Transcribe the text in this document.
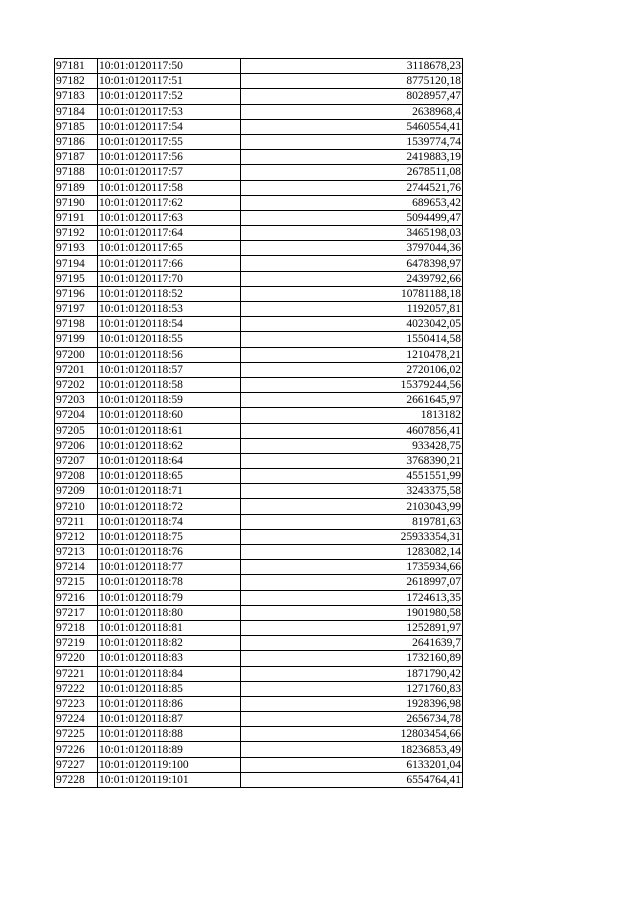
97181	10:01:0120117:50	3118678,23
97182	10:01:0120117:51	8775120,18
97183	10:01:0120117:52	8028957,47
97184	10:01:0120117:53	2638968,4
97185	10:01:0120117:54	5460554,41
97186	10:01:0120117:55	1539774,74
97187	10:01:0120117:56	2419883,19
97188	10:01:0120117:57	2678511,08
97189	10:01:0120117:58	2744521,76
97190	10:01:0120117:62	689653,42
97191	10:01:0120117:63	5094499,47
97192	10:01:0120117:64	3465198,03
97193	10:01:0120117:65	3797044,36
97194	10:01:0120117:66	6478398,97
97195	10:01:0120117:70	2439792,66
97196	10:01:0120118:52	10781188,18
97197	10:01:0120118:53	1192057,81
97198	10:01:0120118:54	4023042,05
97199	10:01:0120118:55	1550414,58
97200	10:01:0120118:56	1210478,21
97201	10:01:0120118:57	2720106,02
97202	10:01:0120118:58	15379244,56
97203	10:01:0120118:59	2661645,97
97204	10:01:0120118:60	1813182
97205	10:01:0120118:61	4607856,41
97206	10:01:0120118:62	933428,75
97207	10:01:0120118:64	3768390,21
97208	10:01:0120118:65	4551551,99
97209	10:01:0120118:71	3243375,58
97210	10:01:0120118:72	2103043,99
97211	10:01:0120118:74	819781,63
97212	10:01:0120118:75	25933354,31
97213	10:01:0120118:76	1283082,14
97214	10:01:0120118:77	1735934,66
97215	10:01:0120118:78	2618997,07
97216	10:01:0120118:79	1724613,35
97217	10:01:0120118:80	1901980,58
97218	10:01:0120118:81	1252891,97
97219	10:01:0120118:82	2641639,7
97220	10:01:0120118:83	1732160,89
97221	10:01:0120118:84	1871790,42
97222	10:01:0120118:85	1271760,83
97223	10:01:0120118:86	1928396,98
97224	10:01:0120118:87	2656734,78
97225	10:01:0120118:88	12803454,66
97226	10:01:0120118:89	18236853,49
97227	10:01:0120119:100	6133201,04
97228	10:01:0120119:101	6554764,41
